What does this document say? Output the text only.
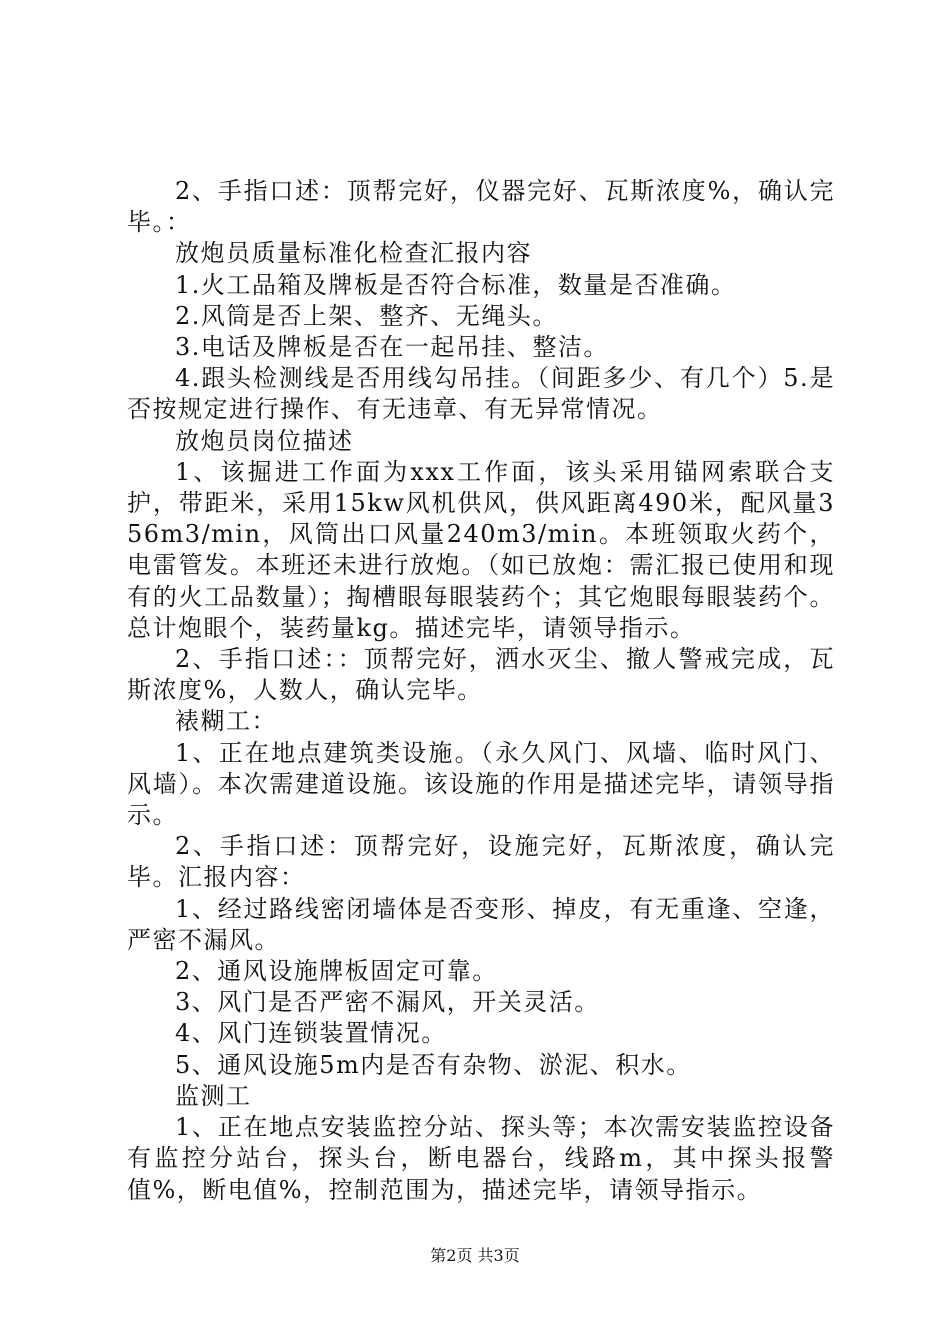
2、手指口述：顶帮完好，仪器完好、瓦斯浓度%，确认完毕。：

放炮员质量标准化检查汇报内容

1.火工品箱及牌板是否符合标准，数量是否准确。

2.风筒是否上架、整齐、无绳头。

3.电话及牌板是否在一起吊挂、整洁。

4.跟头检测线是否用线勾吊挂。（间距多少、有几个）5.是否按规定进行操作、有无违章、有无异常情况。

放炮员岗位描述

1、该掘进工作面为xxx工作面，该头采用锚网索联合支护，带距米，采用15kw风机供风，供风距离490米，配风量356m3/min，风筒出口风量240m3/min。本班领取火药个，电雷管发。本班还未进行放炮。（如已放炮：需汇报已使用和现有的火工品数量）；掏槽眼每眼装药个；其它炮眼每眼装药个。总计炮眼个，装药量kg。描述完毕，请领导指示。

2、手指口述：：顶帮完好，洒水灭尘、撤人警戒完成，瓦斯浓度%，人数人，确认完毕。

裱糊工：

1、正在地点建筑类设施。（永久风门、风墙、临时风门、风墙）。本次需建道设施。该设施的作用是描述完毕，请领导指示。

2、手指口述：顶帮完好，设施完好，瓦斯浓度，确认完毕。汇报内容：

1、经过路线密闭墙体是否变形、掉皮，有无重逢、空逢，严密不漏风。

2、通风设施牌板固定可靠。

3、风门是否严密不漏风，开关灵活。

4、风门连锁装置情况。

5、通风设施5m内是否有杂物、淤泥、积水。

监测工

1、正在地点安装监控分站、探头等；本次需安装监控设备有监控分站台，探头台，断电器台，线路m，其中探头报警值%，断电值%，控制范围为，描述完毕，请领导指示。

第2页 共3页
